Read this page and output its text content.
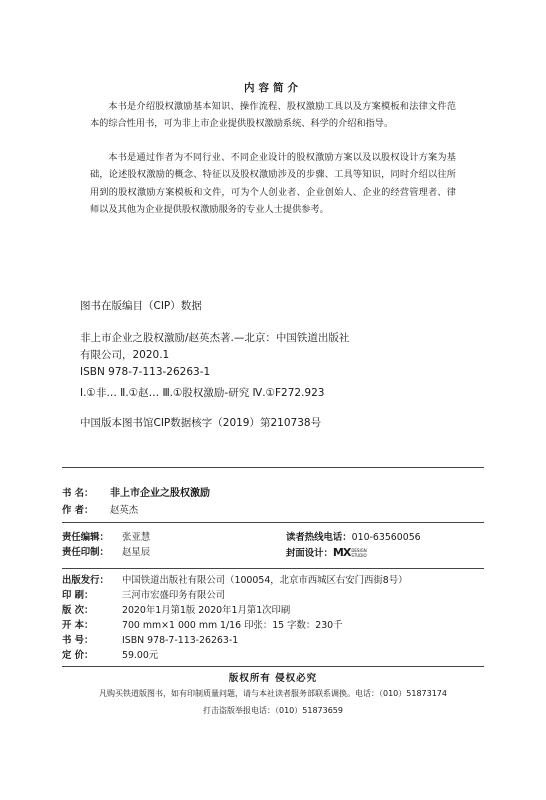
内容简介
本书是介绍股权激励基本知识、操作流程、股权激励工具以及方案模板和法律文件范本的综合性用书，可为非上市企业提供股权激励系统、科学的介绍和指导。
本书是通过作者为不同行业、不同企业设计的股权激励方案以及以股权设计方案为基础，论述股权激励的概念、特征以及股权激励涉及的步骤、工具等知识，同时介绍以往所用到的股权激励方案模板和文件，可为个人创业者、企业创始人、企业的经营管理者、律师以及其他为企业提供股权激励服务的专业人士提供参考。
图书在版编目（CIP）数据
非上市企业之股权激励/赵英杰著.—北京：中国铁道出版社
有限公司，2020.1
ISBN 978-7-113-26263-1
Ⅰ.①非… Ⅱ.①赵… Ⅲ.①股权激励-研究 Ⅳ.①F272.923
中国版本图书馆CIP数据核字（2019）第210738号
书 名： 非上市企业之股权激励
作 者： 赵英杰
责任编辑： 张亚慧	读者热线电话：010-63560056
责任印制： 赵星辰	封面设计：MXDESIGN STUDIO
出版发行： 中国铁道出版社有限公司（100054，北京市西城区右安门西街8号）
印 刷：	三河市宏盛印务有限公司
版 次：	2020年1月第1版 2020年1月第1次印刷
开 本：	700 mm×1 000 mm 1/16 印张：15 字数：230千
书 号：	ISBN 978-7-113-26263-1
定 价：	59.00元
版权所有 侵权必究
凡购买铁道版图书，如有印制质量问题，请与本社读者服务部联系调换。电话：（010）51873174
打击盗版举报电话：（010）51873659
